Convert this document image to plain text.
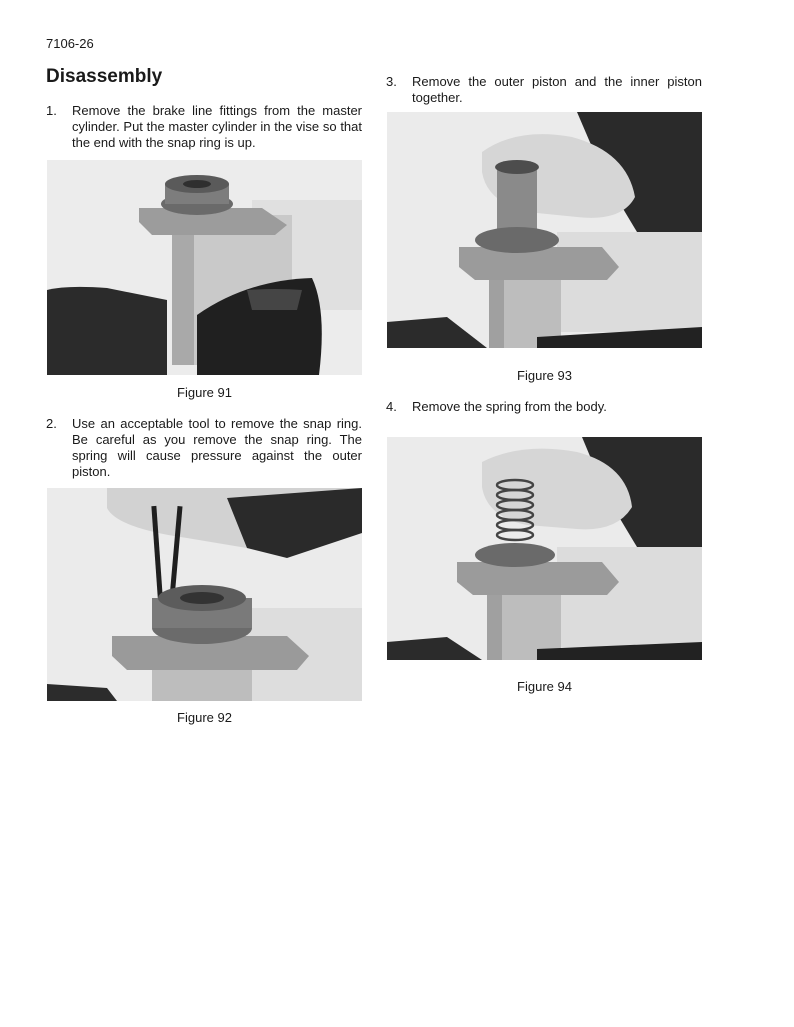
7106-26
Disassembly
1.	Remove the brake line fittings from the master cylinder. Put the master cylinder in the vise so that the end with the snap ring is up.
Figure 91
2.	Use an acceptable tool to remove the snap ring. Be careful as you remove the snap ring. The spring will cause pressure against the outer piston.
Figure 92
3.	Remove the outer piston and the inner piston together.
Figure 93
4.	Remove the spring from the body.
Figure 94
